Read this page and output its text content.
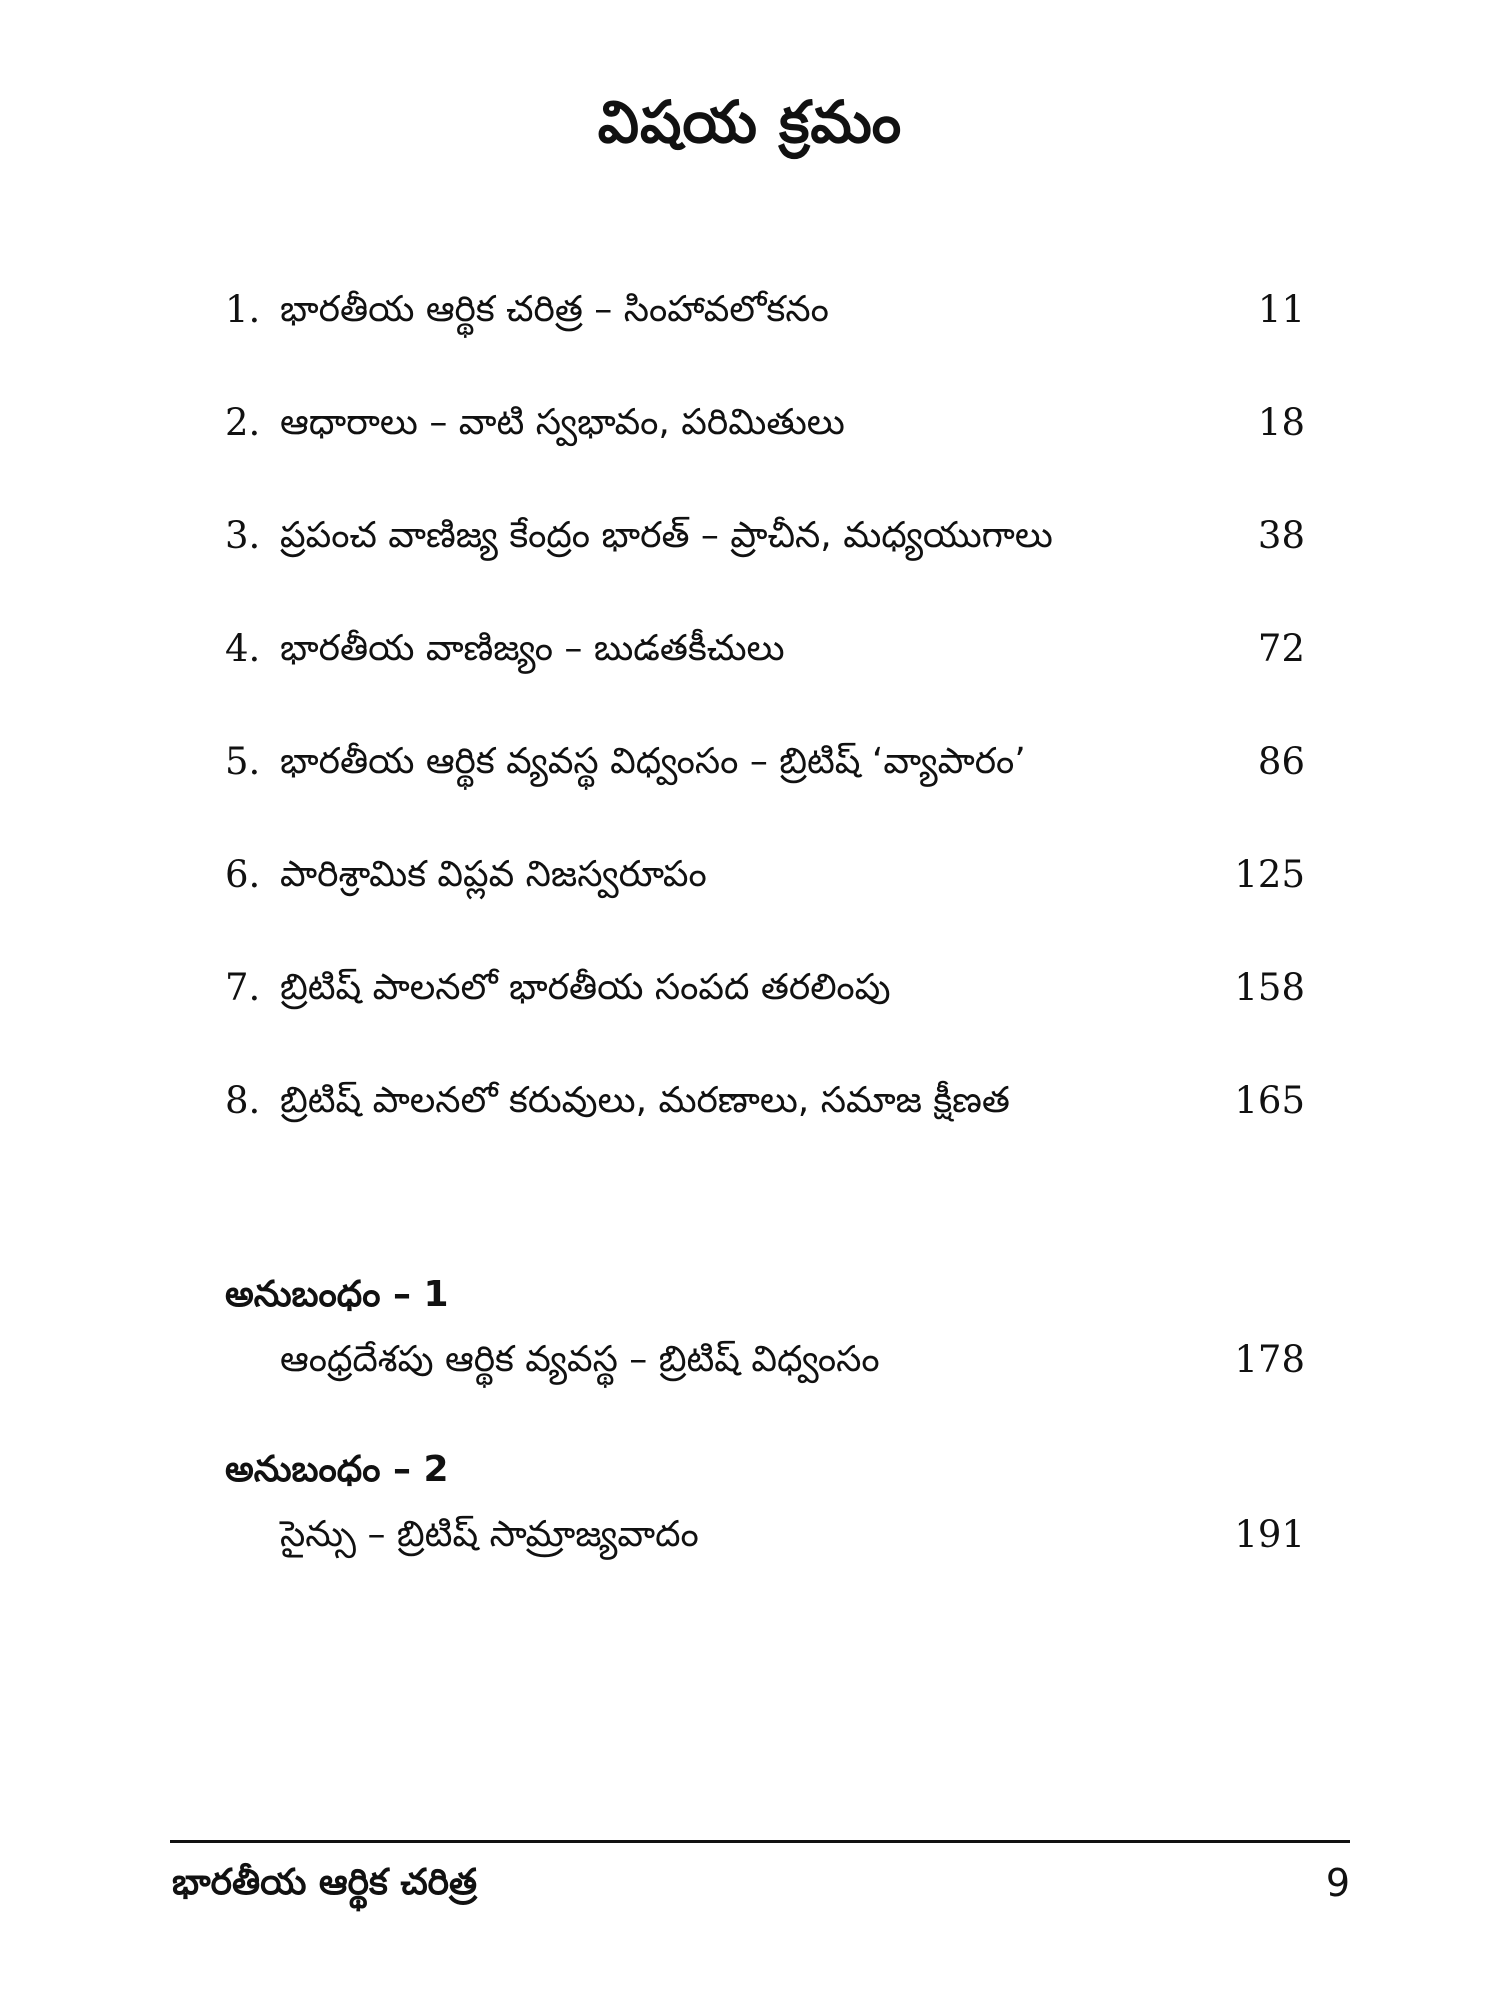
విషయ క్రమం
1. భారతీయ ఆర్థిక చరిత్ర – సింహావలోకనం	11
2. ఆధారాలు – వాటి స్వభావం, పరిమితులు	18
3. ప్రపంచ వాణిజ్య కేంద్రం భారత్ – ప్రాచీన, మధ్యయుగాలు	38
4. భారతీయ వాణిజ్యం – బుడతకీచులు	72
5. భారతీయ ఆర్థిక వ్యవస్థ విధ్వంసం – బ్రిటిష్ ‘వ్యాపారం’	86
6. పారిశ్రామిక విప్లవ నిజస్వరూపం	125
7. బ్రిటిష్ పాలనలో భారతీయ సంపద తరలింపు	158
8. బ్రిటిష్ పాలనలో కరువులు, మరణాలు, సమాజ క్షీణత	165
అనుబంధం – 1
ఆంధ్రదేశపు ఆర్థిక వ్యవస్థ – బ్రిటిష్ విధ్వంసం	178
అనుబంధం – 2
సైన్సు – బ్రిటిష్ సామ్రాజ్యవాదం	191
భారతీయ ఆర్థిక చరిత్ర	9
